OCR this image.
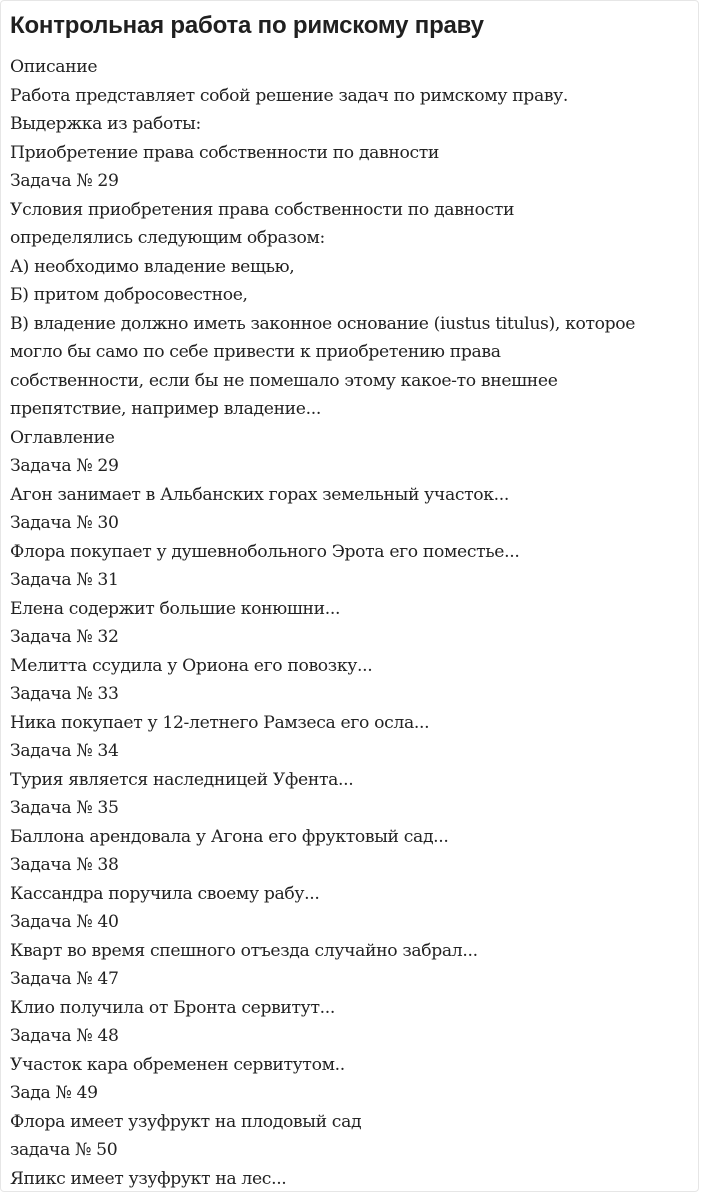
Контрольная работа по римскому праву
Описание
Работа представляет собой решение задач по римскому праву.
Выдержка из работы:
Приобретение права собственности по давности
Задача № 29
Условия приобретения права собственности по давности
определялись следующим образом:
А) необходимо владение вещью,
Б) притом добросовестное,
В) владение должно иметь законное основание (iustus titulus), которое
могло бы само по себе привести к приобретению права
собственности, если бы не помешало этому какое-то внешнее
препятствие, например владение...
Оглавление
Задача № 29
Агон занимает в Альбанских горах земельный участок...
Задача № 30
Флора покупает у душевнобольного Эрота его поместье...
Задача № 31
Елена содержит большие конюшни...
Задача № 32
Мелитта ссудила у Ориона его повозку...
Задача № 33
Ника покупает у 12-летнего Рамзеса его осла...
Задача № 34
Турия является наследницей Уфента...
Задача № 35
Баллона арендовала у Агона его фруктовый сад...
Задача № 38
Кассандра поручила своему рабу...
Задача № 40
Кварт во время спешного отъезда случайно забрал...
Задача № 47
Клио получила от Бронта сервитут...
Задача № 48
Участок кара обременен сервитутом..
Зада № 49
Флора имеет узуфрукт на плодовый сад
задача № 50
Япикс имеет узуфрукт на лес...
